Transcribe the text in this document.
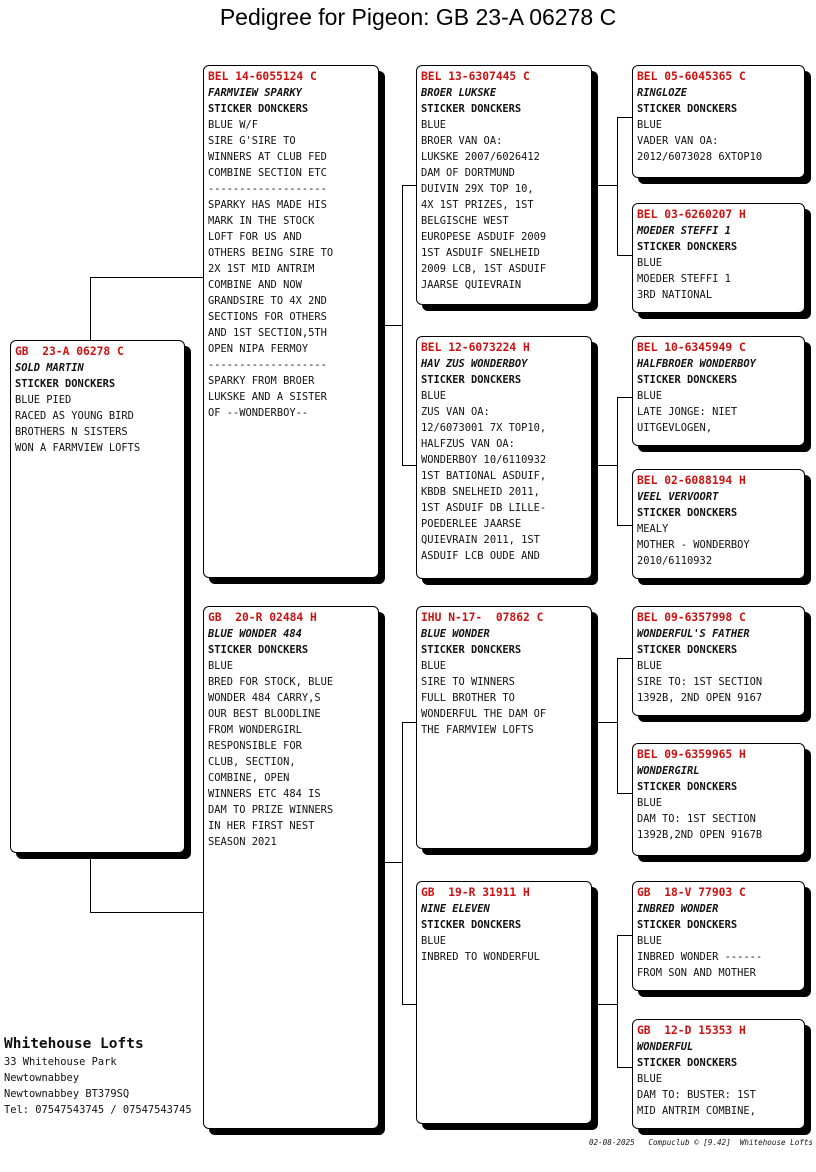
Pedigree for Pigeon: GB 23-A 06278 C
GB  23-A 06278 C
SOLD MARTIN
STICKER DONCKERS
BLUE PIED
RACED AS YOUNG BIRD
BROTHERS N SISTERS
WON A FARMVIEW LOFTS
BEL 14-6055124 C
FARMVIEW SPARKY
STICKER DONCKERS
BLUE W/F
SIRE G'SIRE TO
WINNERS AT CLUB FED
COMBINE SECTION ETC
-------------------
SPARKY HAS MADE HIS
MARK IN THE STOCK
LOFT FOR US AND
OTHERS BEING SIRE TO
2X 1ST MID ANTRIM
COMBINE AND NOW
GRANDSIRE TO 4X 2ND
SECTIONS FOR OTHERS
AND 1ST SECTION,5TH
OPEN NIPA FERMOY
-------------------
SPARKY FROM BROER
LUKSKE AND A SISTER
OF --WONDERBOY--
GB  20-R 02484 H
BLUE WONDER 484
STICKER DONCKERS
BLUE
BRED FOR STOCK, BLUE
WONDER 484 CARRY,S
OUR BEST BLOODLINE
FROM WONDERGIRL
RESPONSIBLE FOR
CLUB, SECTION,
COMBINE, OPEN
WINNERS ETC 484 IS
DAM TO PRIZE WINNERS
IN HER FIRST NEST
SEASON 2021
BEL 13-6307445 C
BROER LUKSKE
STICKER DONCKERS
BLUE
BROER VAN OA:
LUKSKE 2007/6026412
DAM OF DORTMUND
DUIVIN 29X TOP 10,
4X 1ST PRIZES, 1ST
BELGISCHE WEST
EUROPESE ASDUIF 2009
1ST ASDUIF SNELHEID
2009 LCB, 1ST ASDUIF
JAARSE QUIEVRAIN
BEL 12-6073224 H
HAV ZUS WONDERBOY
STICKER DONCKERS
BLUE
ZUS VAN OA:
12/6073001 7X TOP10,
HALFZUS VAN OA:
WONDERBOY 10/6110932
1ST BATIONAL ASDUIF,
KBDB SNELHEID 2011,
1ST ASDUIF DB LILLE-
POEDERLEE JAARSE
QUIEVRAIN 2011, 1ST
ASDUIF LCB OUDE AND
IHU N-17-  07862 C
BLUE WONDER
STICKER DONCKERS
BLUE
SIRE TO WINNERS
FULL BROTHER TO
WONDERFUL THE DAM OF
THE FARMVIEW LOFTS
GB  19-R 31911 H
NINE ELEVEN
STICKER DONCKERS
BLUE
INBRED TO WONDERFUL
BEL 05-6045365 C
RINGLOZE
STICKER DONCKERS
BLUE
VADER VAN OA:
2012/6073028 6XTOP10
BEL 03-6260207 H
MOEDER STEFFI 1
STICKER DONCKERS
BLUE
MOEDER STEFFI 1
3RD NATIONAL
BEL 10-6345949 C
HALFBROER WONDERBOY
STICKER DONCKERS
BLUE
LATE JONGE: NIET
UITGEVLOGEN,
BEL 02-6088194 H
VEEL VERVOORT
STICKER DONCKERS
MEALY
MOTHER - WONDERBOY
2010/6110932
BEL 09-6357998 C
WONDERFUL'S FATHER
STICKER DONCKERS
BLUE
SIRE TO: 1ST SECTION
1392B, 2ND OPEN 9167
BEL 09-6359965 H
WONDERGIRL
STICKER DONCKERS
BLUE
DAM TO: 1ST SECTION
1392B,2ND OPEN 9167B
GB  18-V 77903 C
INBRED WONDER
STICKER DONCKERS
BLUE
INBRED WONDER ------
FROM SON AND MOTHER
GB  12-D 15353 H
WONDERFUL
STICKER DONCKERS
BLUE
DAM TO: BUSTER: 1ST
MID ANTRIM COMBINE,
Whitehouse Lofts
33 Whitehouse Park
Newtownabbey
Newtownabbey BT379SQ
Tel: 07547543745 / 07547543745
02-08-2025   Compuclub © [9.42]  Whitehouse Lofts
